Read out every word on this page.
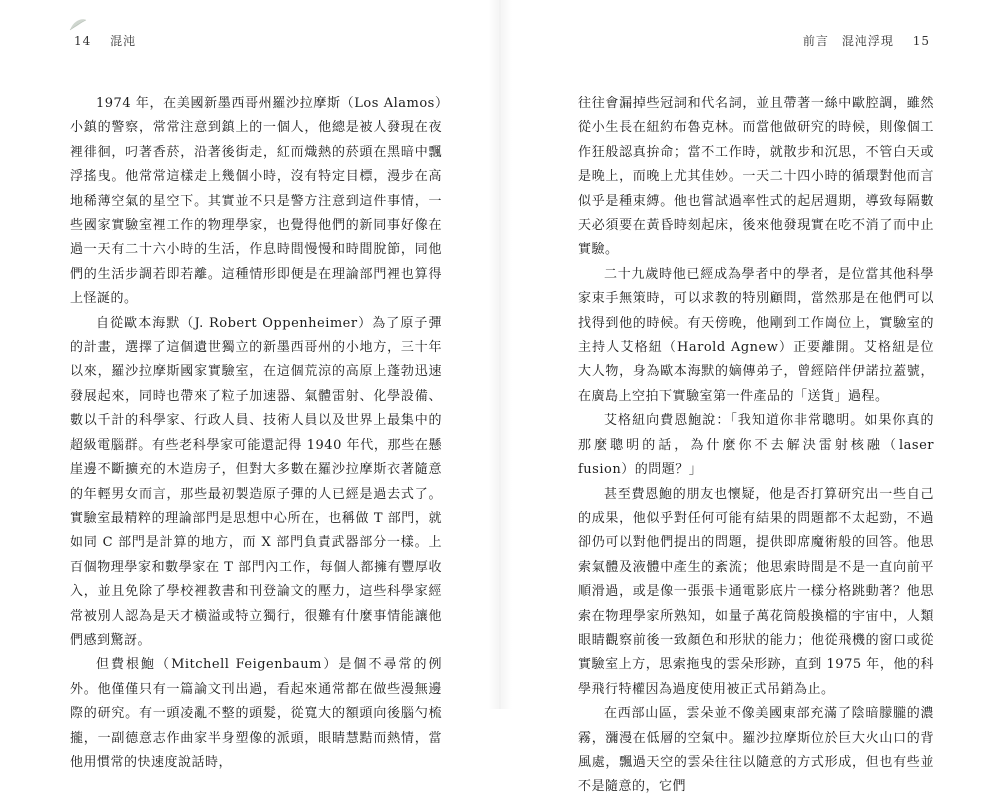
14 混沌

1974 年，在美國新墨西哥州羅沙拉摩斯（Los Alamos）小鎮的警察，常常注意到鎮上的一個人，他總是被人發現在夜裡徘徊，叼著香菸，沿著後街走，紅而熾熱的菸頭在黑暗中飄浮搖曳。他常常這樣走上幾個小時，沒有特定目標，漫步在高地稀薄空氣的星空下。其實並不只是警方注意到這件事情，一些國家實驗室裡工作的物理學家，也覺得他們的新同事好像在過一天有二十六小時的生活，作息時間慢慢和時間脫節，同他們的生活步調若即若離。這種情形即便是在理論部門裡也算得上怪誕的。

自從歐本海默（J. Robert Oppenheimer）為了原子彈的計畫，選擇了這個遺世獨立的新墨西哥州的小地方，三十年以來，羅沙拉摩斯國家實驗室，在這個荒涼的高原上蓬勃迅速發展起來，同時也帶來了粒子加速器、氣體雷射、化學設備、數以千計的科學家、行政人員、技術人員以及世界上最集中的超級電腦群。有些老科學家可能還記得 1940 年代，那些在懸崖邊不斷擴充的木造房子，但對大多數在羅沙拉摩斯衣著隨意的年輕男女而言，那些最初製造原子彈的人已經是過去式了。實驗室最精粹的理論部門是思想中心所在，也稱做 T 部門，就如同 C 部門是計算的地方，而 X 部門負責武器部分一樣。上百個物理學家和數學家在 T 部門內工作，每個人都擁有豐厚收入，並且免除了學校裡教書和刊登論文的壓力，這些科學家經常被別人認為是天才橫溢或特立獨行，很難有什麼事情能讓他們感到驚訝。

但費根鮑（Mitchell Feigenbaum）是個不尋常的例外。他僅僅只有一篇論文刊出過，看起來通常都在做些漫無邊際的研究。有一頭凌亂不整的頭髮，從寬大的額頭向後腦勺梳攏，一副德意志作曲家半身塑像的派頭，眼睛慧黠而熱情，當他用慣常的快速度說話時，

前言　混沌浮現 15

往往會漏掉些冠詞和代名詞，並且帶著一絲中歐腔調，雖然從小生長在紐約布魯克林。而當他做研究的時候，則像個工作狂般認真拚命；當不工作時，就散步和沉思，不管白天或是晚上，而晚上尤其佳妙。一天二十四小時的循環對他而言似乎是種束縛。他也嘗試過率性式的起居週期，導致每隔數天必須要在黃昏時刻起床，後來他發現實在吃不消了而中止實驗。

二十九歲時他已經成為學者中的學者，是位當其他科學家束手無策時，可以求教的特別顧問，當然那是在他們可以找得到他的時候。有天傍晚，他剛到工作崗位上，實驗室的主持人艾格紐（Harold Agnew）正要離開。艾格紐是位大人物，身為歐本海默的嫡傳弟子，曾經陪伴伊諾拉蓋號，在廣島上空拍下實驗室第一件產品的「送貨」過程。

艾格紐向費恩鮑說：「我知道你非常聰明。如果你真的那麼聰明的話，為什麼你不去解決雷射核融（laser fusion）的問題？」

甚至費恩鮑的朋友也懷疑，他是否打算研究出一些自己的成果，他似乎對任何可能有結果的問題都不太起勁，不過卻仍可以對他們提出的問題，提供即席魔術般的回答。他思索氣體及液體中產生的紊流；他思索時間是不是一直向前平順滑過，或是像一張張卡通電影底片一樣分格跳動著？他思索在物理學家所熟知，如量子萬花筒般換檔的宇宙中，人類眼睛觀察前後一致顏色和形狀的能力；他從飛機的窗口或從實驗室上方，思索拖曳的雲朵形跡，直到 1975 年，他的科學飛行特權因為過度使用被正式吊銷為止。

在西部山區，雲朵並不像美國東部充滿了陰暗朦朧的濃霧，瀰漫在低層的空氣中。羅沙拉摩斯位於巨大火山口的背風處，飄過天空的雲朵往往以隨意的方式形成，但也有些並不是隨意的，它們
